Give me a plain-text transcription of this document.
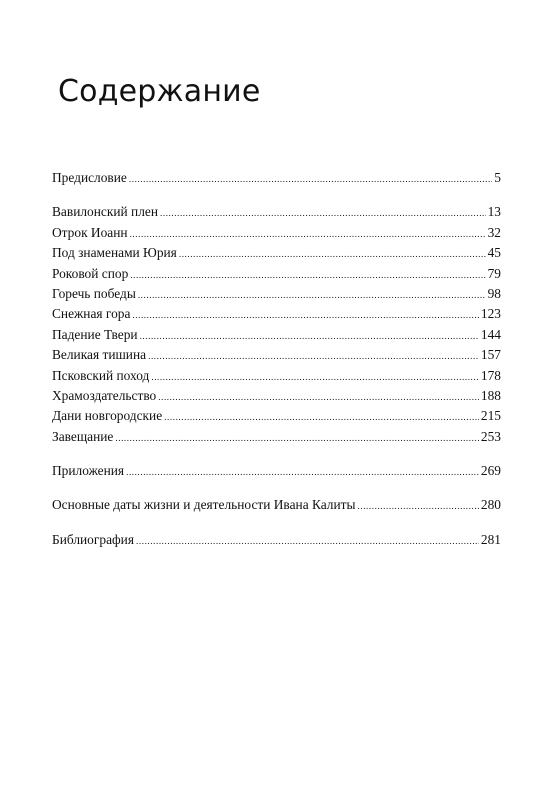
Содержание
Предисловие .....	5
Вавилонский плен .....	13
Отрок Иоанн .....	32
Под знаменами Юрия .....	45
Роковой спор .....	79
Горечь победы .....	98
Снежная гора .....	123
Падение Твери .....	144
Великая тишина .....	157
Псковский поход .....	178
Храмоздательство .....	188
Дани новгородские .....	215
Завещание .....	253
Приложения .....	269
Основные даты жизни и деятельности Ивана Калиты .....	280
Библиография .....	281
